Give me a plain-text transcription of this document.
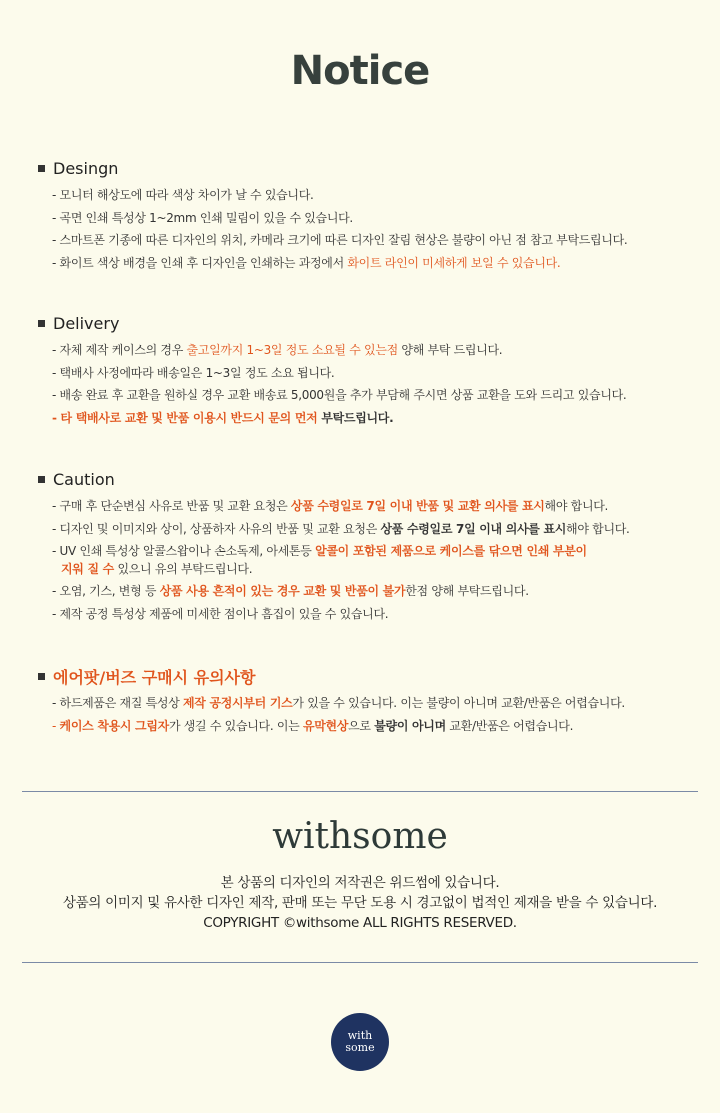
Notice
Desingn
- 모니터 해상도에 따라 색상 차이가 날 수 있습니다.
- 곡면 인쇄 특성상 1~2mm 인쇄 밀림이 있을 수 있습니다.
- 스마트폰 기종에 따른 디자인의 위치, 카메라 크기에 따른 디자인 잘림 현상은 불량이 아닌 점 참고 부탁드립니다.
- 화이트 색상 배경을 인쇄 후 디자인을 인쇄하는 과정에서 화이트 라인이 미세하게 보일 수 있습니다.
Delivery
- 자체 제작 케이스의 경우 출고일까지 1~3일 정도 소요될 수 있는점 양해 부탁 드립니다.
- 택배사 사정에따라 배송일은 1~3일 정도 소요 됩니다.
- 배송 완료 후 교환을 원하실 경우 교환 배송료 5,000원을 추가 부담해 주시면 상품 교환을 도와 드리고 있습니다.
- 타 택배사로 교환 및 반품 이용시 반드시 문의 먼저 부탁드립니다.
Caution
- 구매 후 단순변심 사유로 반품 및 교환 요청은 상품 수령일로 7일 이내 반품 및 교환 의사를 표시해야 합니다.
- 디자인 및 이미지와 상이, 상품하자 사유의 반품 및 교환 요청은 상품 수령일로 7일 이내 의사를 표시해야 합니다.
- UV 인쇄 특성상 알콜스왑이나 손소독제, 아세톤등 알콜이 포함된 제품으로 케이스를 닦으면 인쇄 부분이
지워 질 수 있으니 유의 부탁드립니다.
- 오염, 기스, 변형 등 상품 사용 흔적이 있는 경우 교환 및 반품이 불가한점 양해 부탁드립니다.
- 제작 공정 특성상 제품에 미세한 점이나 흠집이 있을 수 있습니다.
에어팟/버즈 구매시 유의사항
- 하드제품은 재질 특성상 제작 공정시부터 기스가 있을 수 있습니다. 이는 불량이 아니며 교환/반품은 어렵습니다.
- 케이스 착용시 그림자가 생길 수 있습니다. 이는 유막현상으로 불량이 아니며 교환/반품은 어렵습니다.
withsome
본 상품의 디자인의 저작권은 위드썸에 있습니다.
상품의 이미지 및 유사한 디자인 제작, 판매 또는 무단 도용 시 경고없이 법적인 제재을 받을 수 있습니다.
COPYRIGHT ©withsome ALL RIGHTS RESERVED.
with
some
